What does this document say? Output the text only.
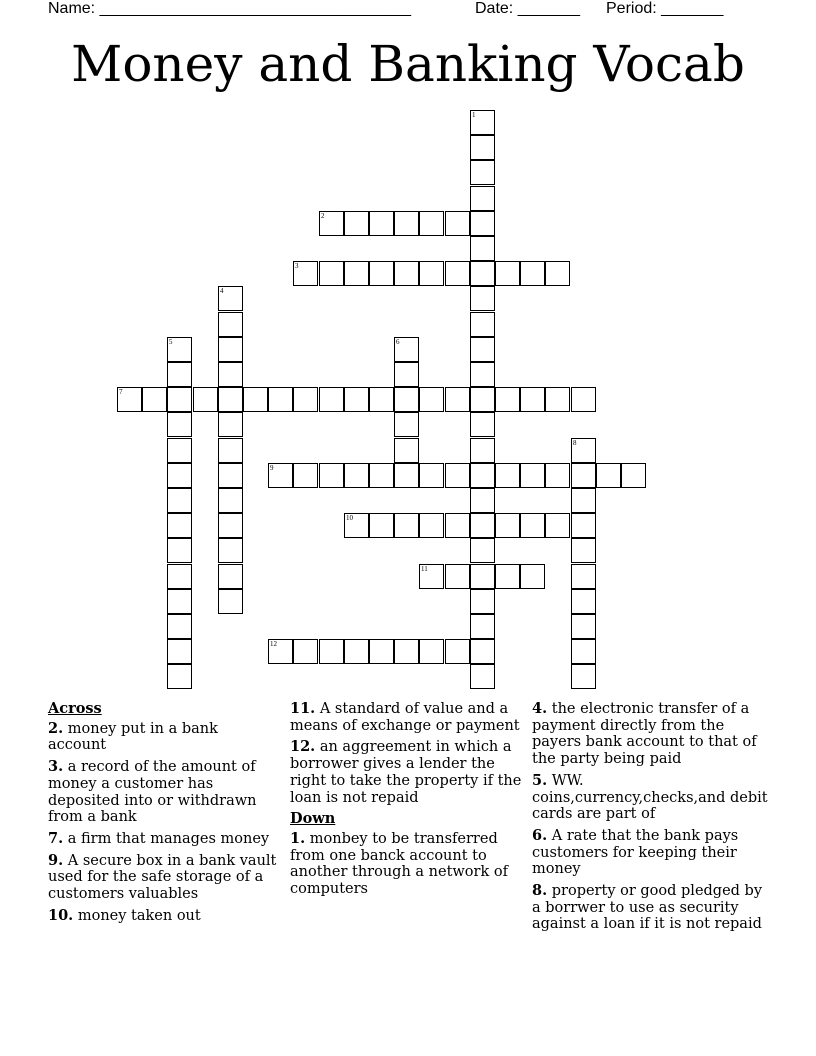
Name: ___________________________________	Date: _______ Period: _______
Money and Banking Vocab
1
2
3
4
5	6
7
8
9
10
11
12
Across
2. money put in a bank account
3. a record of the amount of money a customer has deposited into or withdrawn from a bank
7. a firm that manages money
9. A secure box in a bank vault used for the safe storage of a customers valuables
10. money taken out
11. A standard of value and a means of exchange or payment
12. an aggreement in which a borrower gives a lender the right to take the property if the loan is not repaid
Down
1. monbey to be transferred from one banck account to another through a network of computers
4. the electronic transfer of a payment directly from the payers bank account to that of the party being paid
5. WW. coins,currency,checks,and debit cards are part of
6. A rate that the bank pays customers for keeping their money
8. property or good pledged by a borrwer to use as security against a loan if it is not repaid
